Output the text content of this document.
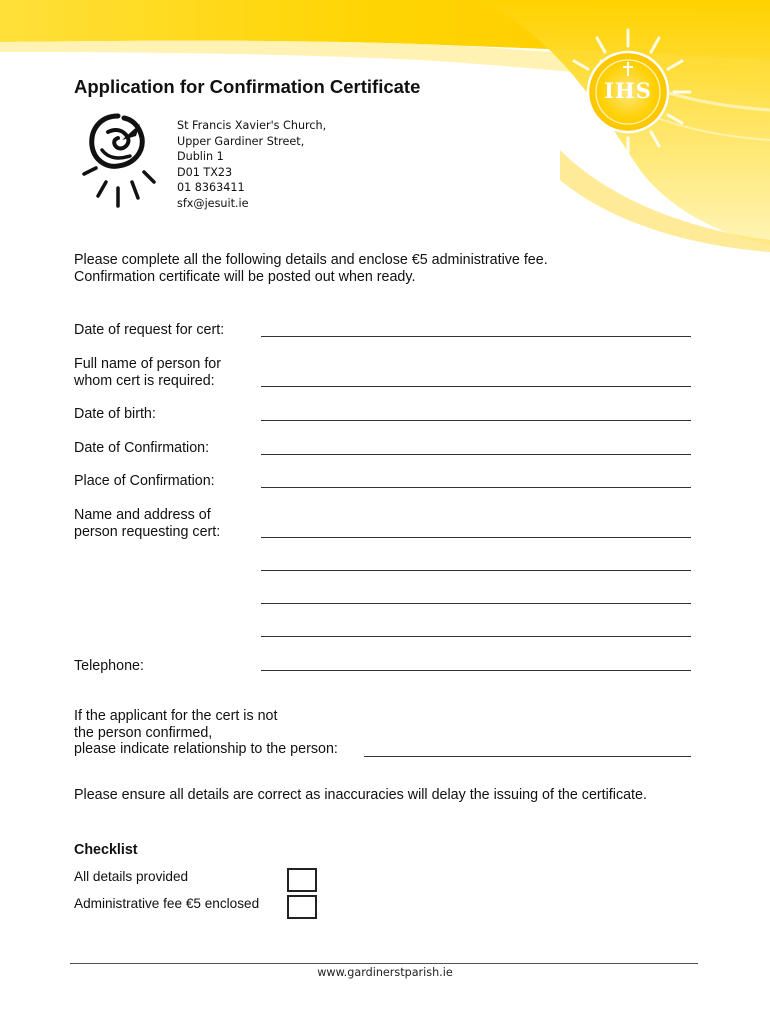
IHS
Application for Confirmation Certificate
St Francis Xavier's Church,
Upper Gardiner Street,
Dublin 1
D01 TX23
01 8363411
sfx@jesuit.ie
Please complete all the following details and enclose €5 administrative fee.
Confirmation certificate will be posted out when ready.
Date of request for cert:
Full name of person for
whom cert is required:
Date of birth:
Date of Confirmation:
Place of Confirmation:
Name and address of
person requesting cert:
Telephone:
If the applicant for the cert is not
the person confirmed,
please indicate relationship to the person:
Please ensure all details are correct as inaccuracies will delay the issuing of the certificate.
Checklist
All details provided
Administrative fee €5 enclosed
www.gardinerstparish.ie
